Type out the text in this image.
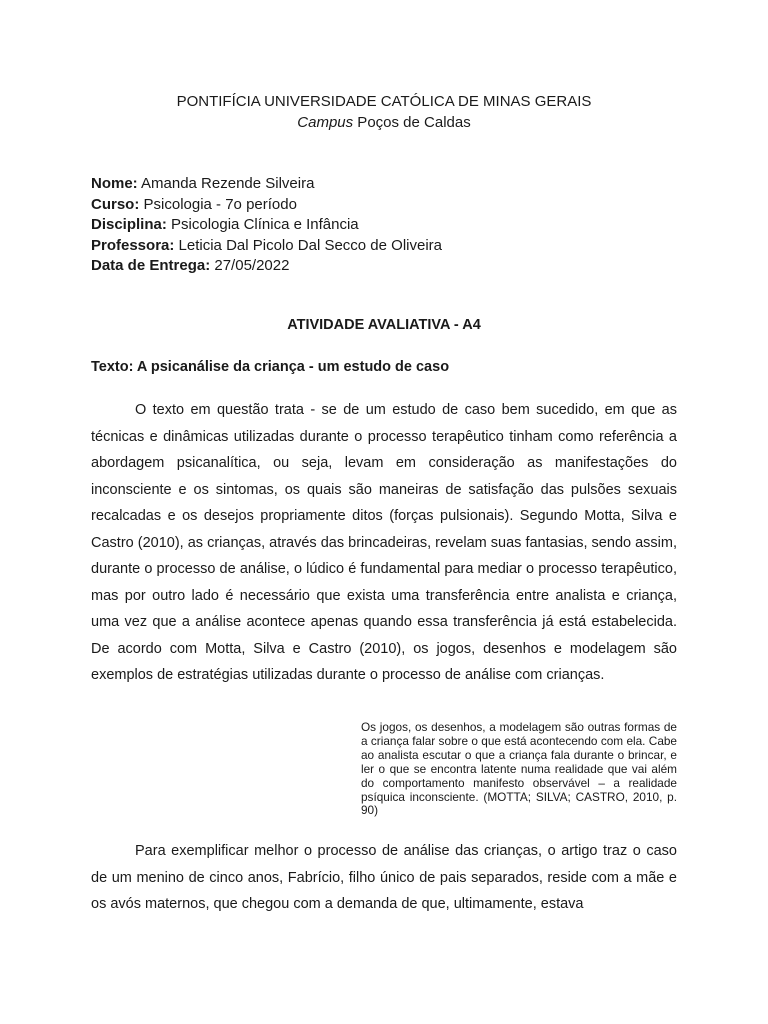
PONTIFÍCIA UNIVERSIDADE CATÓLICA DE MINAS GERAIS
Campus Poços de Caldas
Nome: Amanda Rezende Silveira
Curso: Psicologia - 7o período
Disciplina: Psicologia Clínica e Infância
Professora: Leticia Dal Picolo Dal Secco de Oliveira
Data de Entrega: 27/05/2022
ATIVIDADE AVALIATIVA - A4
Texto: A psicanálise da criança - um estudo de caso
O texto em questão trata - se de um estudo de caso bem sucedido, em que as técnicas e dinâmicas utilizadas durante o processo terapêutico tinham como referência a abordagem psicanalítica, ou seja, levam em consideração as manifestações do inconsciente e os sintomas, os quais são maneiras de satisfação das pulsões sexuais recalcadas e os desejos propriamente ditos (forças pulsionais). Segundo Motta, Silva e Castro (2010), as crianças, através das brincadeiras, revelam suas fantasias, sendo assim, durante o processo de análise, o lúdico é fundamental para mediar o processo terapêutico, mas por outro lado é necessário que exista uma transferência entre analista e criança, uma vez que a análise acontece apenas quando essa transferência já está estabelecida. De acordo com Motta, Silva e Castro (2010), os jogos, desenhos e modelagem são exemplos de estratégias utilizadas durante o processo de análise com crianças.
Os jogos, os desenhos, a modelagem são outras formas de a criança falar sobre o que está acontecendo com ela. Cabe ao analista escutar o que a criança fala durante o brincar, e ler o que se encontra latente numa realidade que vai além do comportamento manifesto observável – a realidade psíquica inconsciente. (MOTTA; SILVA; CASTRO, 2010, p. 90)
Para exemplificar melhor o processo de análise das crianças, o artigo traz o caso de um menino de cinco anos, Fabrício, filho único de pais separados, reside com a mãe e os avós maternos, que chegou com a demanda de que, ultimamente, estava
